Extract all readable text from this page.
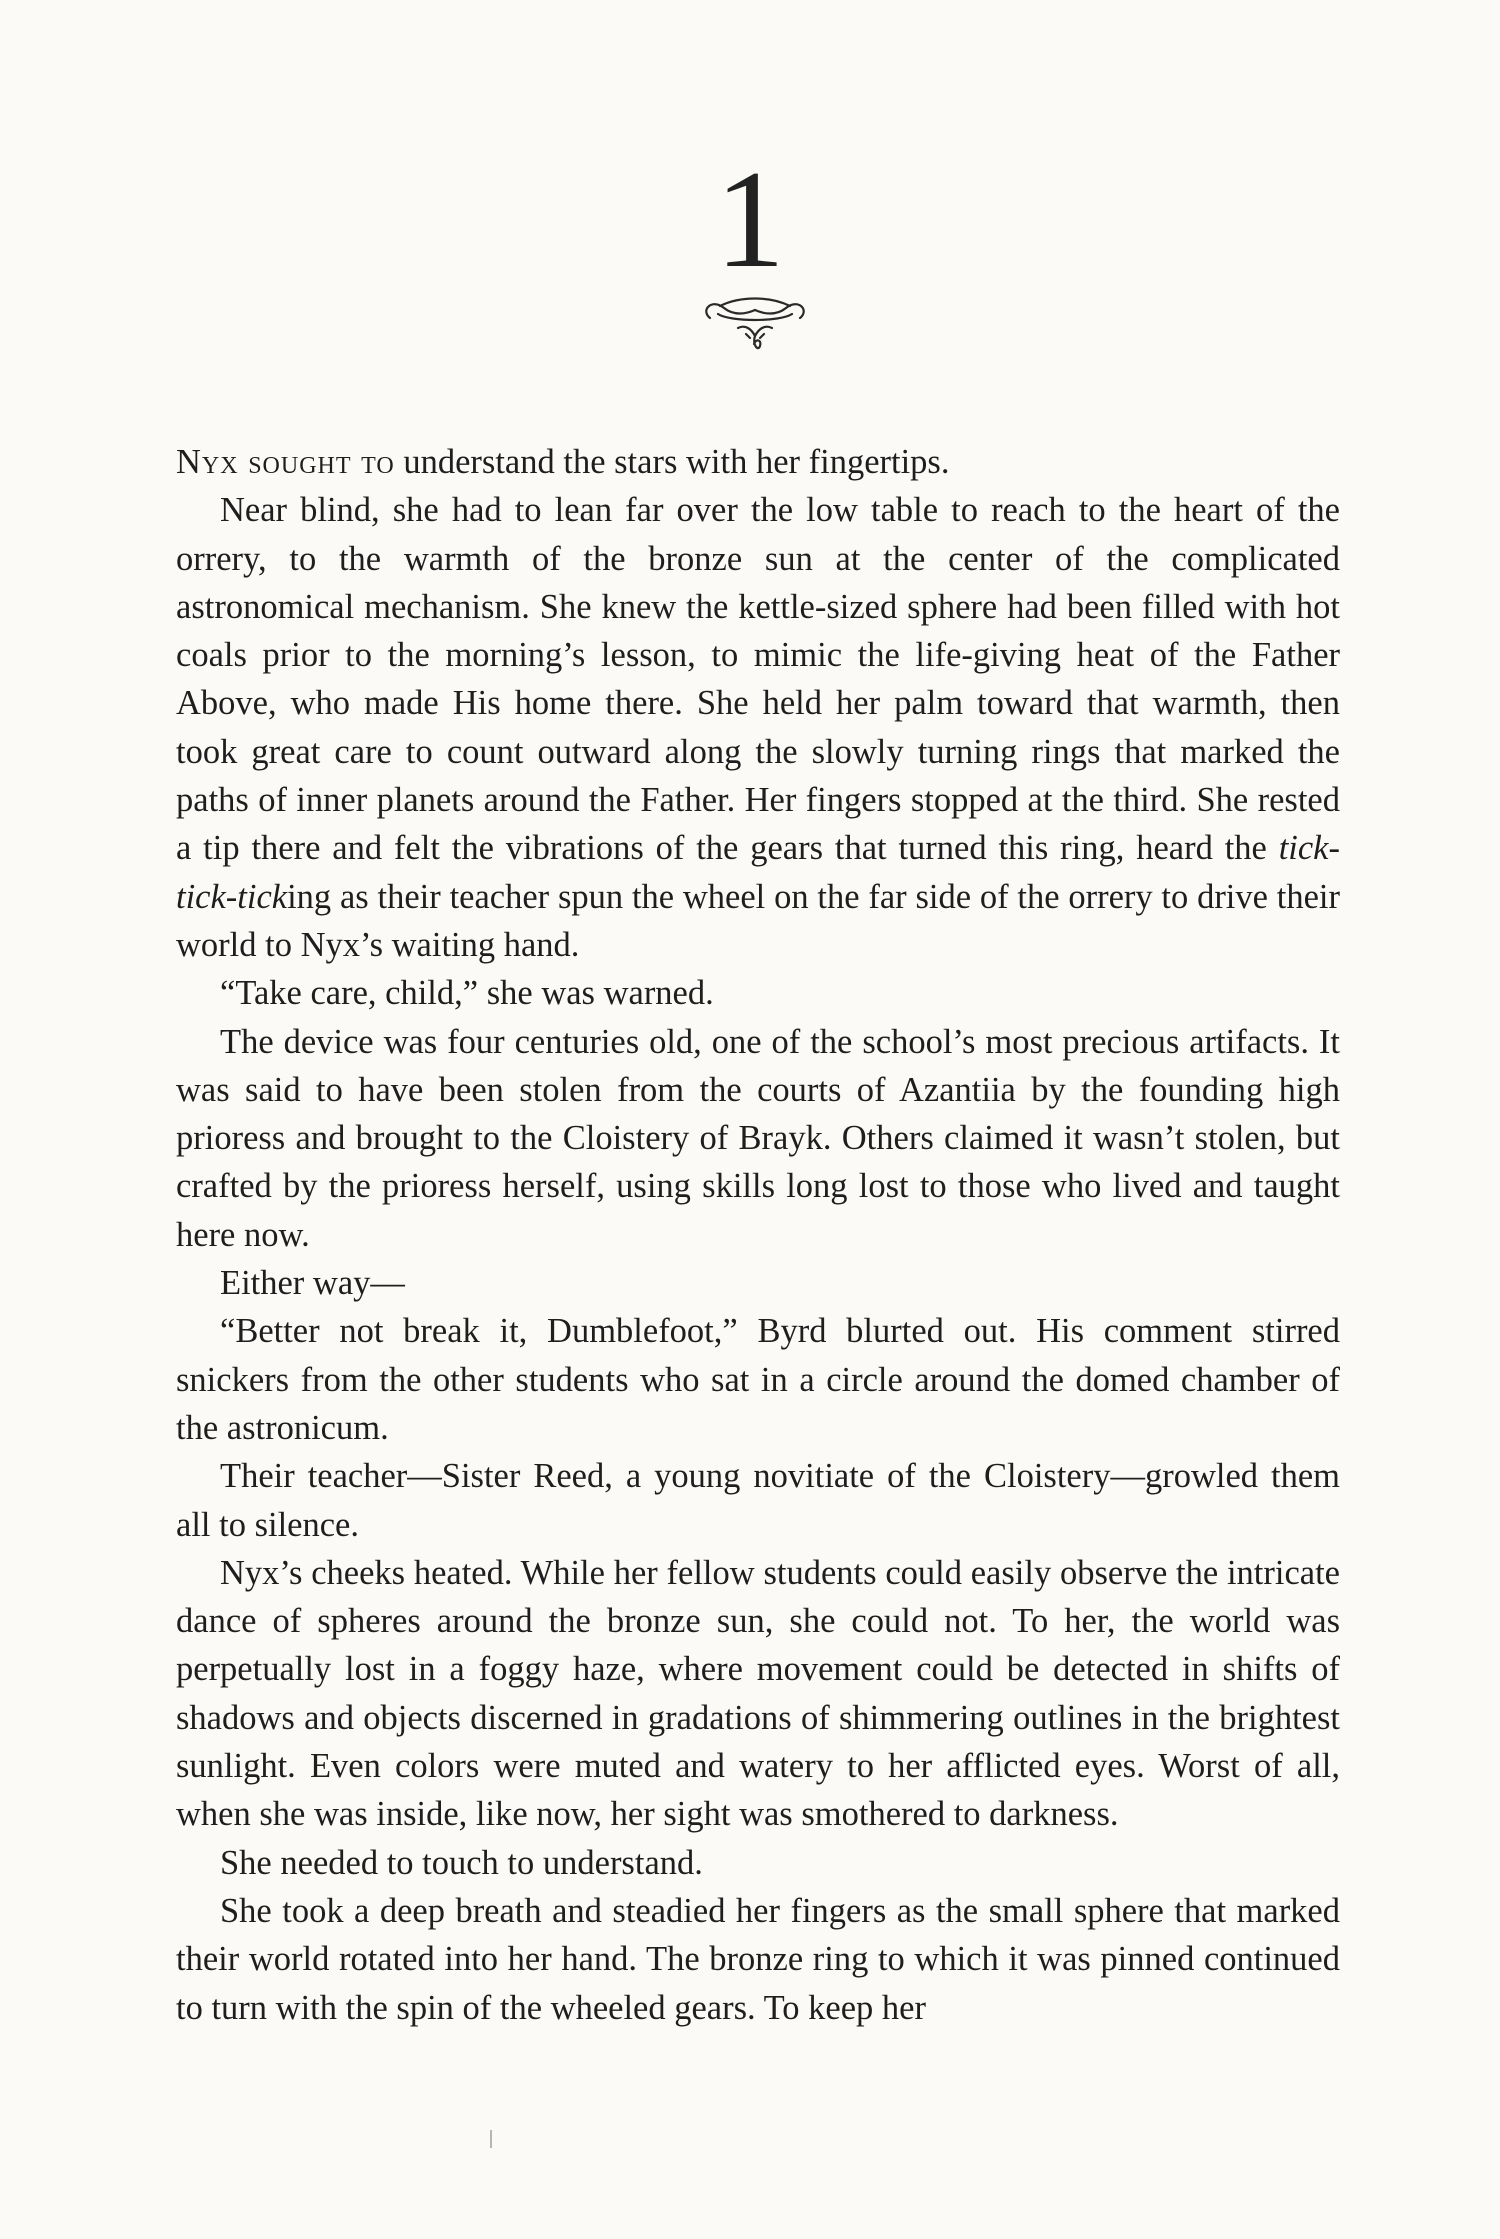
1

Nyx sought to understand the stars with her fingertips.

Near blind, she had to lean far over the low table to reach to the heart of the orrery, to the warmth of the bronze sun at the center of the complicated astronomical mechanism. She knew the kettle-sized sphere had been filled with hot coals prior to the morning’s lesson, to mimic the life-giving heat of the Father Above, who made His home there. She held her palm toward that warmth, then took great care to count outward along the slowly turning rings that marked the paths of inner planets around the Father. Her fingers stopped at the third. She rested a tip there and felt the vibrations of the gears that turned this ring, heard the tick-tick-ticking as their teacher spun the wheel on the far side of the orrery to drive their world to Nyx’s waiting hand.

“Take care, child,” she was warned.

The device was four centuries old, one of the school’s most precious artifacts. It was said to have been stolen from the courts of Azantiia by the founding high prioress and brought to the Cloistery of Brayk. Others claimed it wasn’t stolen, but crafted by the prioress herself, using skills long lost to those who lived and taught here now.

Either way—

“Better not break it, Dumblefoot,” Byrd blurted out. His comment stirred snickers from the other students who sat in a circle around the domed chamber of the astronicum.

Their teacher—Sister Reed, a young novitiate of the Cloistery—growled them all to silence.

Nyx’s cheeks heated. While her fellow students could easily observe the intricate dance of spheres around the bronze sun, she could not. To her, the world was perpetually lost in a foggy haze, where movement could be detected in shifts of shadows and objects discerned in gradations of shimmering outlines in the brightest sunlight. Even colors were muted and watery to her afflicted eyes. Worst of all, when she was inside, like now, her sight was smothered to darkness.

She needed to touch to understand.

She took a deep breath and steadied her fingers as the small sphere that marked their world rotated into her hand. The bronze ring to which it was pinned continued to turn with the spin of the wheeled gears. To keep her
